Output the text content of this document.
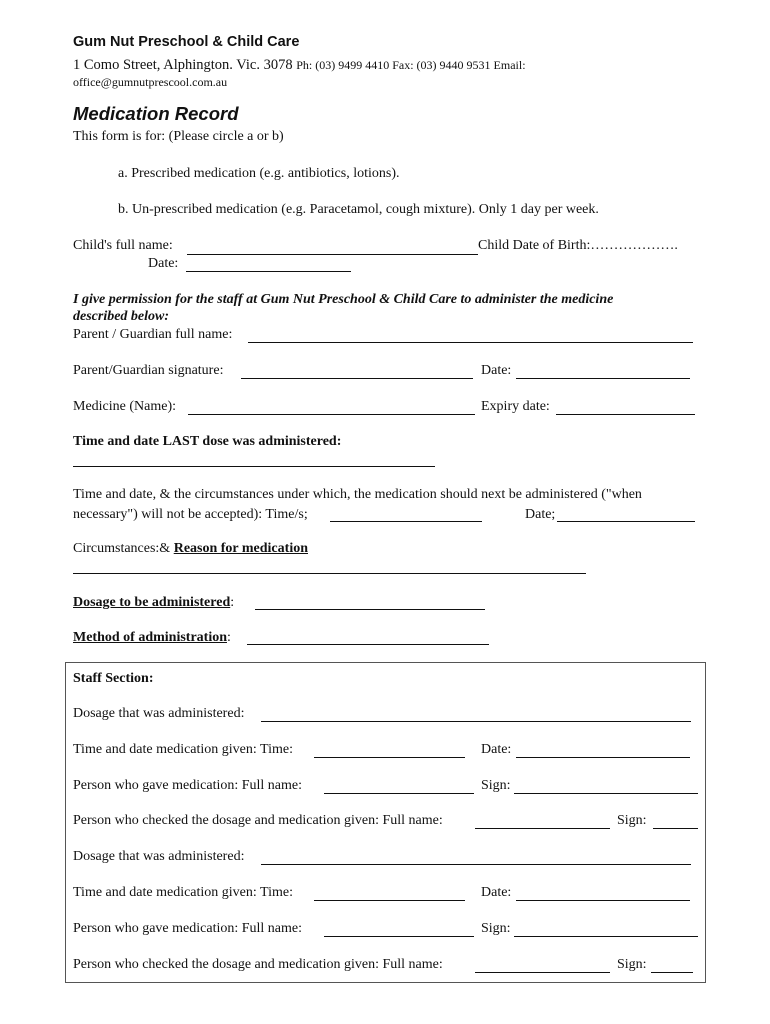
Gum Nut Preschool & Child Care
1 Como Street, Alphington. Vic. 3078 Ph: (03) 9499 4410 Fax: (03) 9440 9531 Email:
office@gumnutprescool.com.au
Medication Record
This form is for: (Please circle a or b)
a. Prescribed medication (e.g. antibiotics, lotions).
b. Un-prescribed medication (e.g. Paracetamol, cough mixture). Only 1 day per week.
Child's full name:	Child Date of Birth:……………….
Date:
I give permission for the staff at Gum Nut Preschool & Child Care to administer the medicine
described below:
Parent / Guardian full name:
Parent/Guardian signature:	Date:
Medicine (Name):	Expiry date:
Time and date LAST dose was administered:
Time and date, & the circumstances under which, the medication should next be administered ("when
necessary") will not be accepted): Time/s;	Date;
Circumstances:& Reason for medication
Dosage to be administered:
Method of administration:
Staff Section:
Dosage that was administered:
Time and date medication given: Time:	Date:
Person who gave medication: Full name:	Sign:
Person who checked the dosage and medication given: Full name:	Sign:
Dosage that was administered:
Time and date medication given: Time:	Date:
Person who gave medication: Full name:	Sign:
Person who checked the dosage and medication given: Full name:	Sign:
